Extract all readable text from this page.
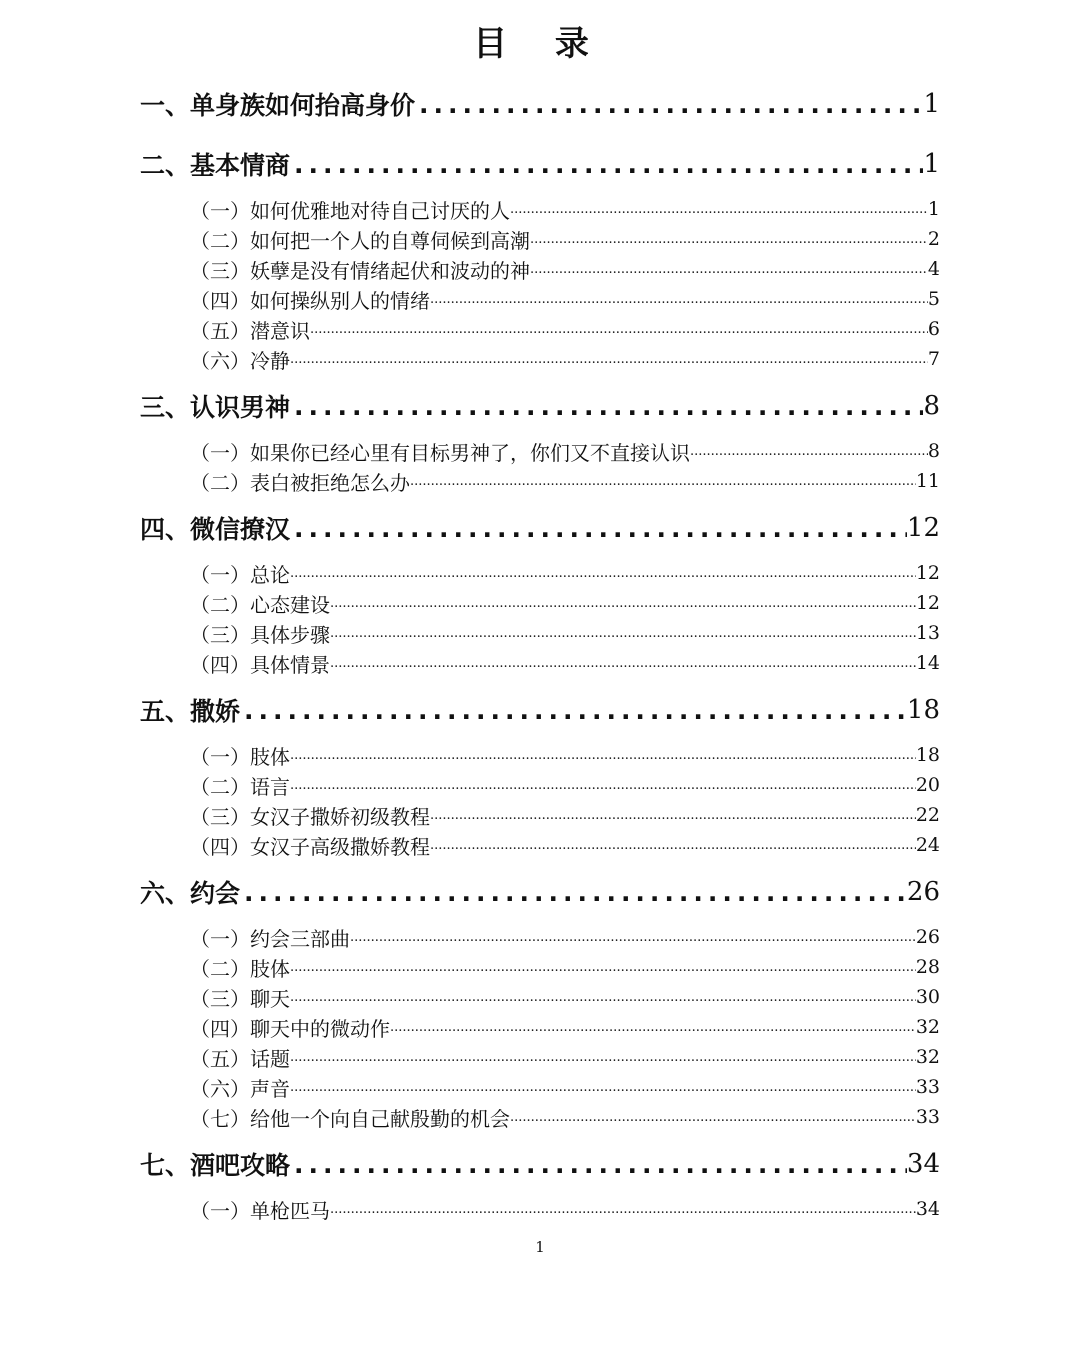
目 录
一、单身族如何抬高身价 .....	1
二、基本情商 .....	1
（一）如何优雅地对待自己讨厌的人 .....	1
（二）如何把一个人的自尊伺候到高潮 .....	2
（三）妖孽是没有情绪起伏和波动的神 .....	4
（四）如何操纵别人的情绪 .....	5
（五）潜意识 .....	6
（六）冷静 .....	7
三、认识男神 .....	8
（一）如果你已经心里有目标男神了，你们又不直接认识 .....	8
（二）表白被拒绝怎么办 .....	11
四、微信撩汉 .....	12
（一）总论 .....	12
（二）心态建设 .....	12
（三）具体步骤 .....	13
（四）具体情景 .....	14
五、撒娇 .....	18
（一）肢体 .....	18
（二）语言 .....	20
（三）女汉子撒娇初级教程 .....	22
（四）女汉子高级撒娇教程 .....	24
六、约会 .....	26
（一）约会三部曲 .....	26
（二）肢体 .....	28
（三）聊天 .....	30
（四）聊天中的微动作 .....	32
（五）话题 .....	32
（六）声音 .....	33
（七）给他一个向自己献殷勤的机会 .....	33
七、酒吧攻略 .....	34
（一）单枪匹马 .....	34
1
